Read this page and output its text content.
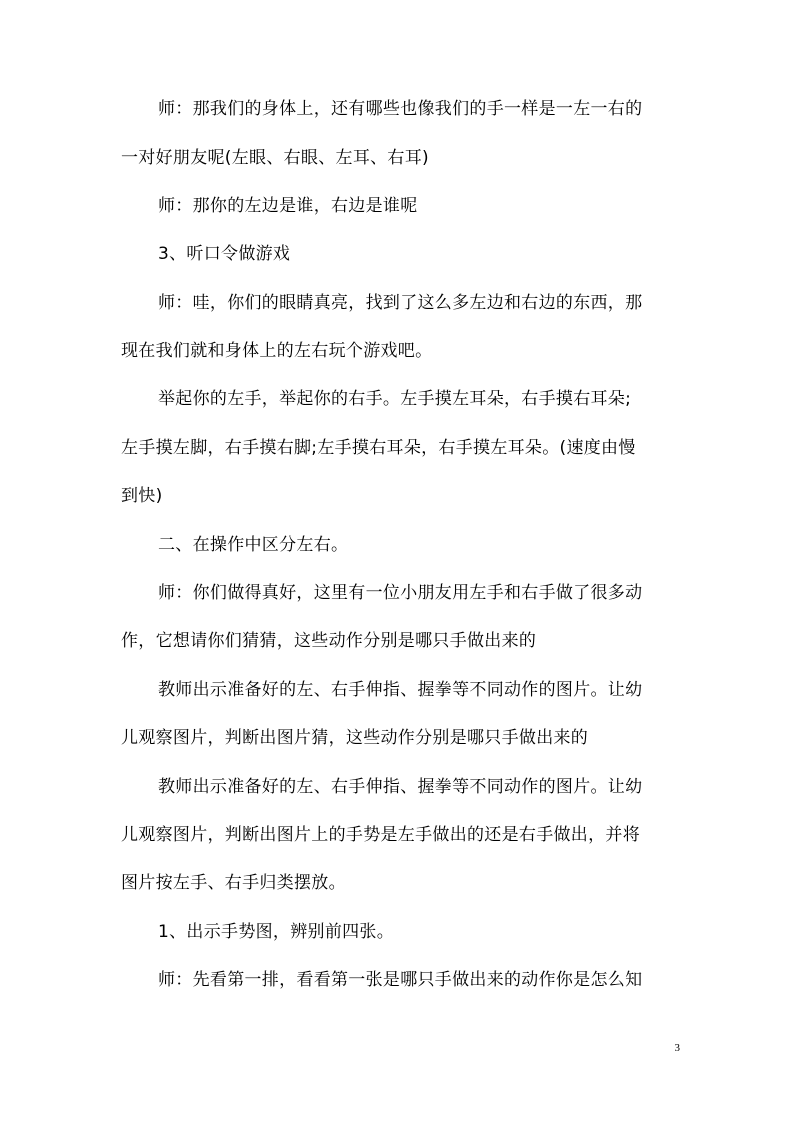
师：那我们的身体上，还有哪些也像我们的手一样是一左一右的
一对好朋友呢(左眼、右眼、左耳、右耳)
师：那你的左边是谁，右边是谁呢
3、听口令做游戏
师：哇，你们的眼睛真亮，找到了这么多左边和右边的东西，那
现在我们就和身体上的左右玩个游戏吧。
举起你的左手，举起你的右手。左手摸左耳朵，右手摸右耳朵;
左手摸左脚，右手摸右脚;左手摸右耳朵，右手摸左耳朵。(速度由慢
到快)
二、在操作中区分左右。
师：你们做得真好，这里有一位小朋友用左手和右手做了很多动
作，它想请你们猜猜，这些动作分别是哪只手做出来的
教师出示准备好的左、右手伸指、握拳等不同动作的图片。让幼
儿观察图片，判断出图片猜，这些动作分别是哪只手做出来的
教师出示准备好的左、右手伸指、握拳等不同动作的图片。让幼
儿观察图片，判断出图片上的手势是左手做出的还是右手做出，并将
图片按左手、右手归类摆放。
1、出示手势图，辨别前四张。
师：先看第一排，看看第一张是哪只手做出来的动作你是怎么知
3
